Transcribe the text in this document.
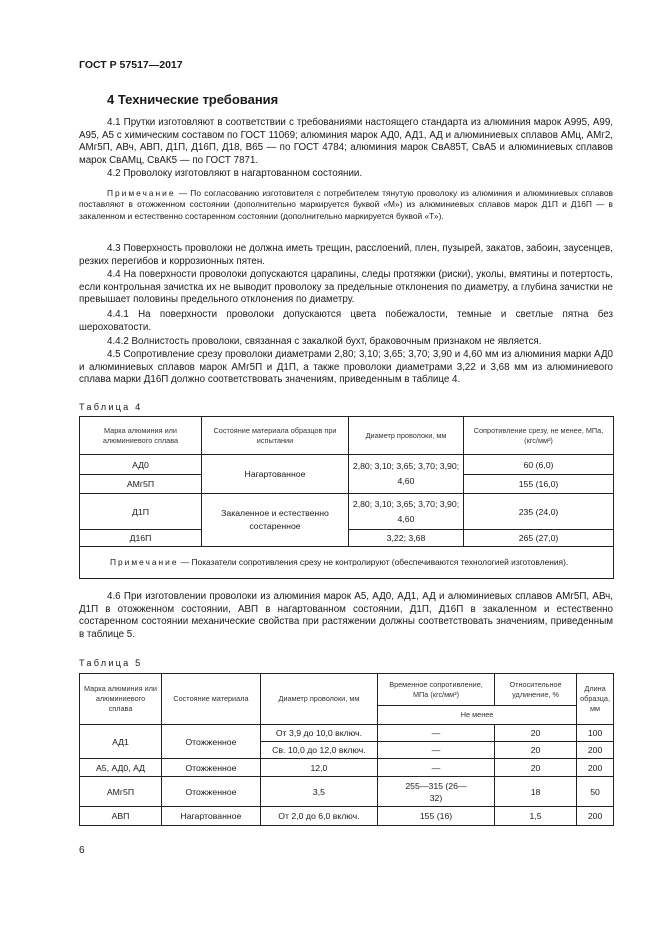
ГОСТ Р 57517—2017
4 Технические требования
4.1 Прутки изготовляют в соответствии с требованиями настоящего стандарта из алюминия марок А995, А99, А95, А5 с химическим составом по ГОСТ 11069; алюминия марок АД0, АД1, АД и алюминиевых сплавов АМц, АМг2, АМг5П, АВч, АВП, Д1П, Д16П, Д18, В65 — по ГОСТ 4784; алюминия марок СвА85Т, СвА5 и алюминиевых сплавов марок СвАМц, СвАК5 — по ГОСТ 7871.
4.2 Проволоку изготовляют в нагартованном состоянии.
Примечание — По согласованию изготовителя с потребителем тянутую проволоку из алюминия и алюминиевых сплавов поставляют в отожженном состоянии (дополнительно маркируется буквой «М») из алюминиевых сплавов марок Д1П и Д16П — в закаленном и естественно состаренном состоянии (дополнительно маркируется буквой «Т»).
4.3 Поверхность проволоки не должна иметь трещин, расслоений, плен, пузырей, закатов, забоин, заусенцев, резких перегибов и коррозионных пятен.
4.4 На поверхности проволоки допускаются царапины, следы протяжки (риски), уколы, вмятины и потертость, если контрольная зачистка их не выводит проволоку за предельные отклонения по диаметру, а глубина зачистки не превышает половины предельного отклонения по диаметру.
4.4.1 На поверхности проволоки допускаются цвета побежалости, темные и светлые пятна без шероховатости.
4.4.2 Волнистость проволоки, связанная с закалкой бухт, браковочным признаком не является.
4.5 Сопротивление срезу проволоки диаметрами 2,80; 3,10; 3,65; 3,70; 3,90 и 4,60 мм из алюминия марки АД0 и алюминиевых сплавов марок АМг5П и Д1П, а также проволоки диаметрами 3,22 и 3,68 мм из алюминиевого сплава марки Д16П должно соответствовать значениям, приведенным в таблице 4.
Таблица 4
Марка алюминия или алюминиевого сплава	Состояние материала образцов при испытании	Диаметр проволоки, мм	Сопротивление срезу, не менее, МПа, (кгс/мм²)
АД0	Нагартованное	2,80; 3,10; 3,65; 3,70; 3,90; 4,60	60 (6,0)
АМг5П			155 (16,0)
Д1П	Закаленное и естественно состаренное	2,80; 3,10; 3,65; 3,70; 3,90; 4,60	235 (24,0)
Д16П		3,22; 3,68	265 (27,0)
Примечание — Показатели сопротивления срезу не контролируют (обеспечиваются технологией изготовления).			
4.6 При изготовлении проволоки из алюминия марок А5, АД0, АД1, АД и алюминиевых сплавов АМг5П, АВч, Д1П в отожженном состоянии, АВП в нагартованном состоянии, Д1П, Д16П в закаленном и естественно состаренном состоянии механические свойства при растяжении должны соответствовать значениям, приведенным в таблице 5.
Таблица 5
Марка алюминия или алюминиевого сплава	Состояние материала	Диаметр проволоки, мм	Временное сопротивление, МПа (кгс/мм²)	Относительное удлинение, %	Длина образца, мм
			Не менее		
АД1	Отожженное	От 3,9 до 10,0 включ.	—	20	100
		Св. 10,0 до 12,0 включ.	—	20	200
А5, АД0, АД	Отожженное	12,0	—	20	200
АМг5П	Отожженное	3,5	255—315 (26—32)	18	50
АВП	Нагартованное	От 2,0 до 6,0 включ.	155 (16)	1,5	200
6
